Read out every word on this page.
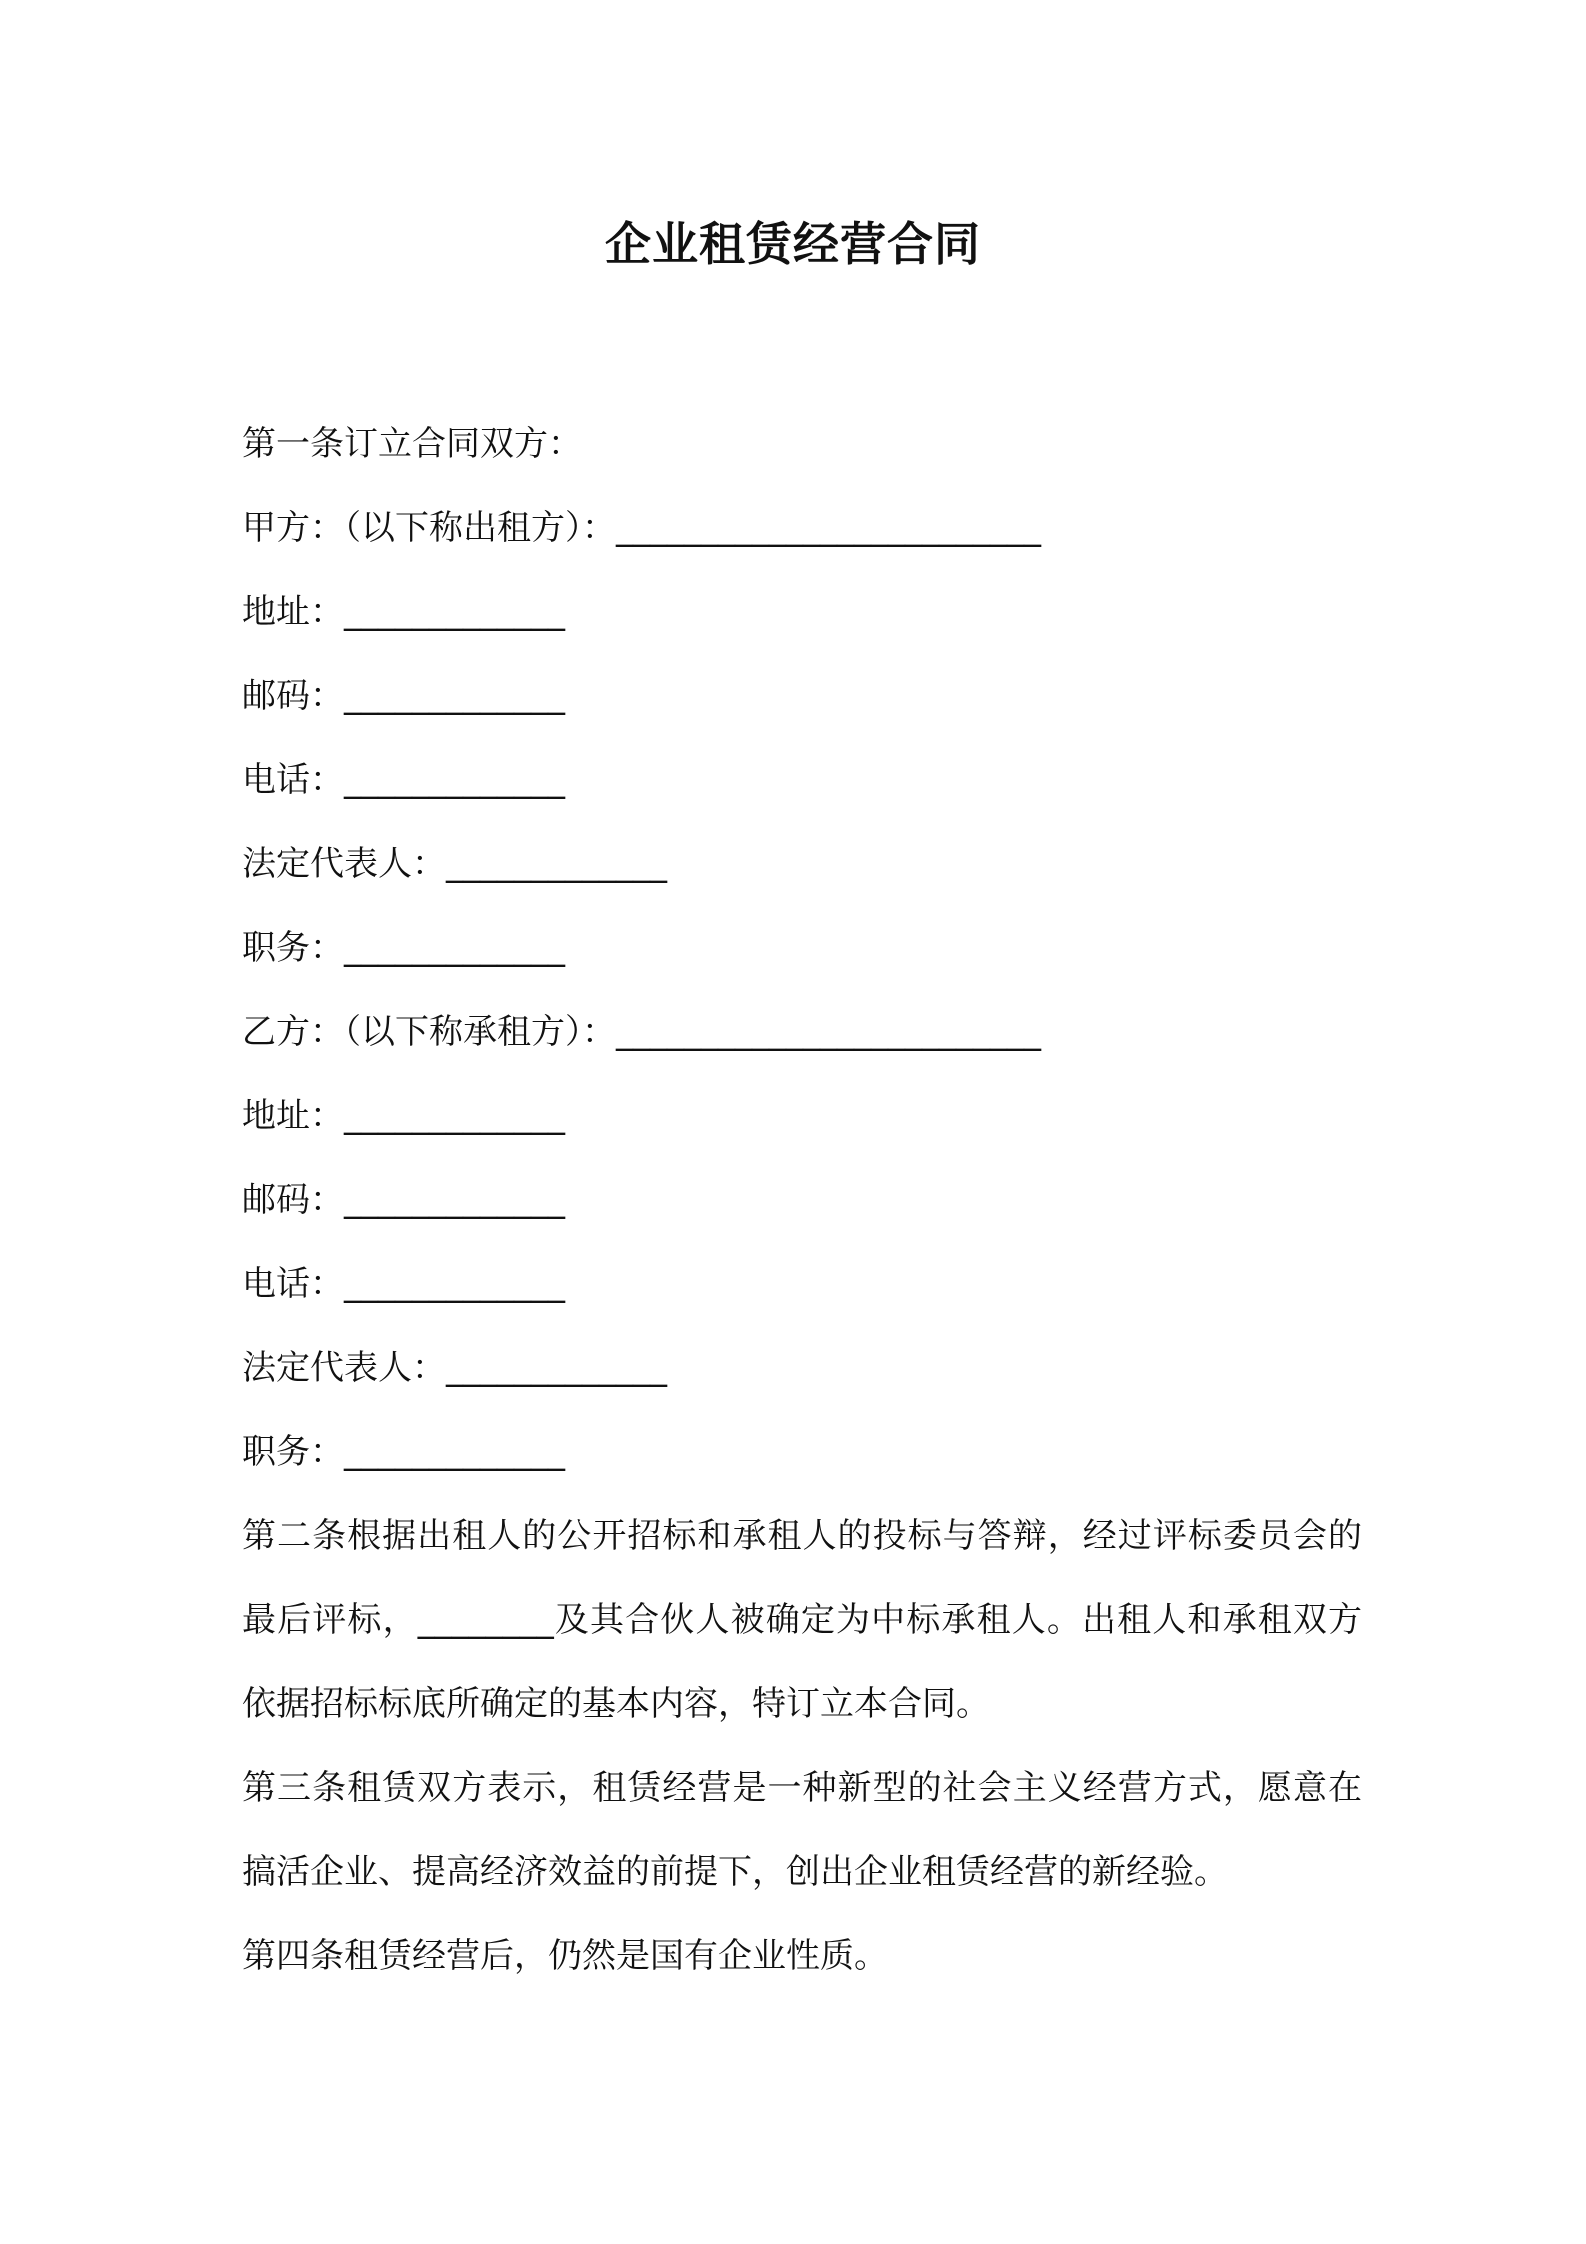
企业租赁经营合同

第一条订立合同双方：

甲方：（以下称出租方）：_________________________

地址：_____________

邮码：_____________

电话：_____________

法定代表人：_____________

职务：_____________

乙方：（以下称承租方）：_________________________

地址：_____________

邮码：_____________

电话：_____________

法定代表人：_____________

职务：_____________

第二条根据出租人的公开招标和承租人的投标与答辩，经过评标委员会的最后评标，________及其合伙人被确定为中标承租人。出租人和承租双方依据招标标底所确定的基本内容，特订立本合同。

第三条租赁双方表示，租赁经营是一种新型的社会主义经营方式，愿意在搞活企业、提高经济效益的前提下，创出企业租赁经营的新经验。

第四条租赁经营后，仍然是国有企业性质。
